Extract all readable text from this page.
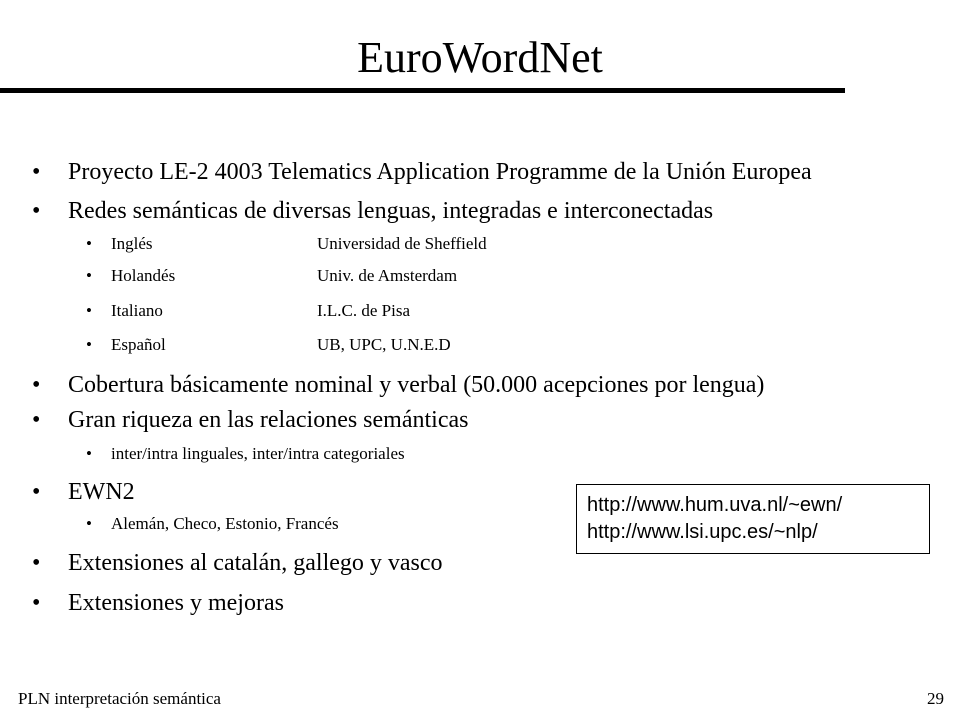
EuroWordNet
• Proyecto LE-2 4003 Telematics Application Programme de la Unión Europea
• Redes semánticas de diversas lenguas, integradas e interconectadas
• Inglés	Universidad de Sheffield
• Holandés	Univ. de Amsterdam
• Italiano	I.L.C. de Pisa
• Español	UB, UPC, U.N.E.D
• Cobertura básicamente nominal y verbal (50.000 acepciones por lengua)
• Gran riqueza en las relaciones semánticas
• inter/intra linguales, inter/intra categoriales
• EWN2
• Alemán, Checo, Estonio, Francés
• Extensiones al catalán, gallego y vasco
• Extensiones y mejoras
http://www.hum.uva.nl/~ewn/
http://www.lsi.upc.es/~nlp/
PLN interpretación semántica	29
